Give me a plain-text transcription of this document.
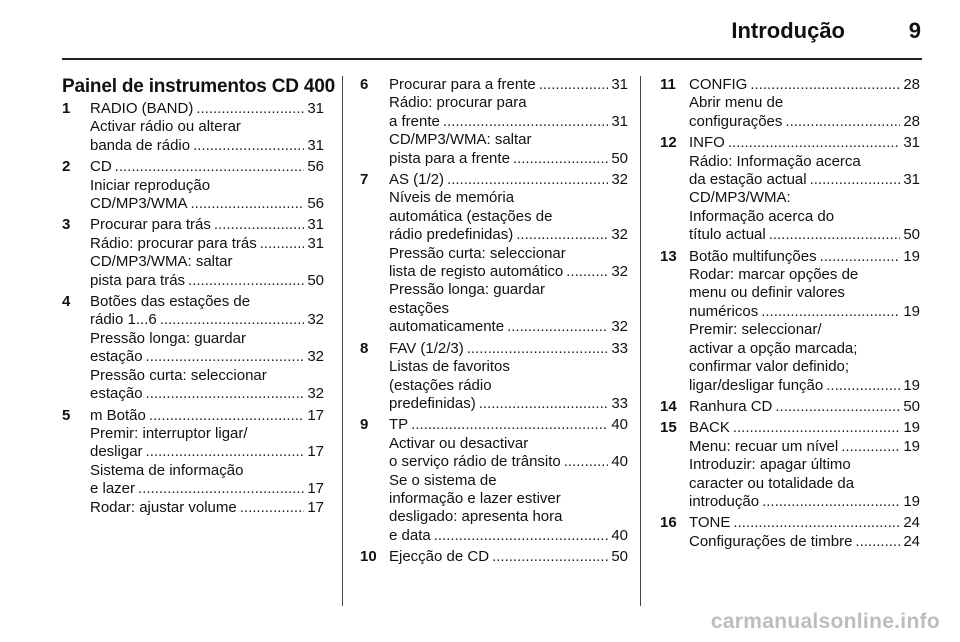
Introdução	9
Painel de instrumentos CD 400
1 RADIO (BAND) .....	31
Activar rádio ou alterar
banda de rádio .....	31
2 CD .....	56
Iniciar reprodução
CD/MP3/WMA .....	56
3 Procurar para trás .....	31
Rádio: procurar para trás .....	31
CD/MP3/WMA: saltar
pista para trás .....	50
4 Botões das estações de
rádio 1...6 .....	32
Pressão longa: guardar
estação .....	32
Pressão curta: seleccionar
estação .....	32
5 m Botão .....	17
Premir: interruptor ligar/
desligar .....	17
Sistema de informação
e lazer .....	17
Rodar: ajustar volume .....	17
6 Procurar para a frente .....	31
Rádio: procurar para
a frente .....	31
CD/MP3/WMA: saltar
pista para a frente .....	50
7 AS (1/2) .....	32
Níveis de memória
automática (estações de
rádio predefinidas) .....	32
Pressão curta: seleccionar
lista de registo automático .....	32
Pressão longa: guardar
estações
automaticamente .....	32
8 FAV (1/2/3) .....	33
Listas de favoritos
(estações rádio
predefinidas) .....	33
9 TP .....	40
Activar ou desactivar
o serviço rádio de trânsito .....	40
Se o sistema de
informação e lazer estiver
desligado: apresenta hora
e data .....	40
10 Ejecção de CD .....	50
11 CONFIG .....	28
Abrir menu de
configurações .....	28
12 INFO .....	31
Rádio: Informação acerca
da estação actual .....	31
CD/MP3/WMA:
Informação acerca do
título actual .....	50
13 Botão multifunções .....	19
Rodar: marcar opções de
menu ou definir valores
numéricos .....	19
Premir: seleccionar/
activar a opção marcada;
confirmar valor definido;
ligar/desligar função .....	19
14 Ranhura CD .....	50
15 BACK .....	19
Menu: recuar um nível .....	19
Introduzir: apagar último
caracter ou totalidade da
introdução .....	19
16 TONE .....	24
Configurações de timbre .....	24
carmanualsonline.info
